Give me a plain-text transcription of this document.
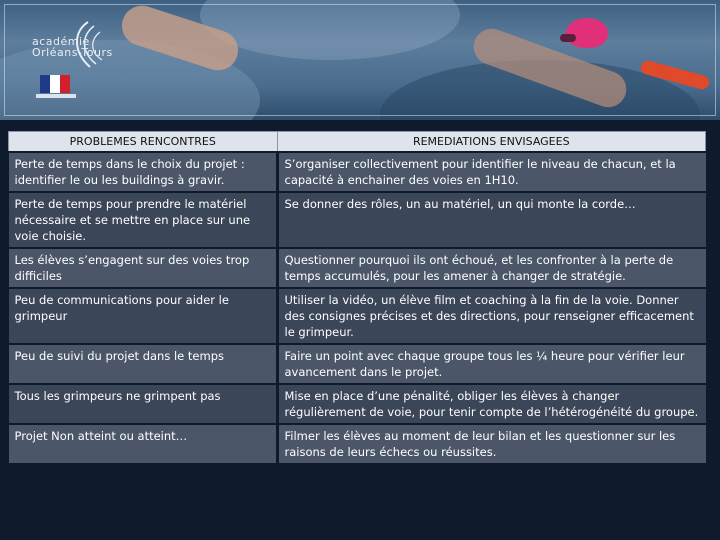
académie
Orléans-Tours
PROBLEMES RENCONTRES	REMEDIATIONS ENVISAGEES
Perte de temps dans le choix du projet : identifier le ou les buildings à gravir.	S’organiser collectivement pour identifier le niveau de chacun, et la capacité à enchainer des voies en 1H10.
Perte de temps pour prendre le matériel nécessaire et se mettre en place sur une voie choisie.	Se donner des rôles, un au matériel, un qui monte la corde…
Les élèves s’engagent sur des voies trop difficiles	Questionner pourquoi ils ont échoué, et les confronter à la perte de temps accumulés, pour les amener à changer de stratégie.
Peu de communications pour aider le grimpeur	Utiliser la vidéo, un élève film et coaching à la fin de la voie. Donner des consignes précises et des directions, pour renseigner efficacement le grimpeur.
Peu de suivi du projet dans le temps	Faire un point avec chaque groupe tous les ¼ heure pour vérifier leur avancement dans le projet.
Tous les grimpeurs ne grimpent pas	Mise en place d’une pénalité, obliger les élèves à changer régulièrement de voie, pour tenir compte de l’hétérogénéité du groupe.
Projet Non atteint ou atteint…	Filmer les élèves au moment de leur bilan et les questionner sur les raisons de leurs échecs ou réussites.
